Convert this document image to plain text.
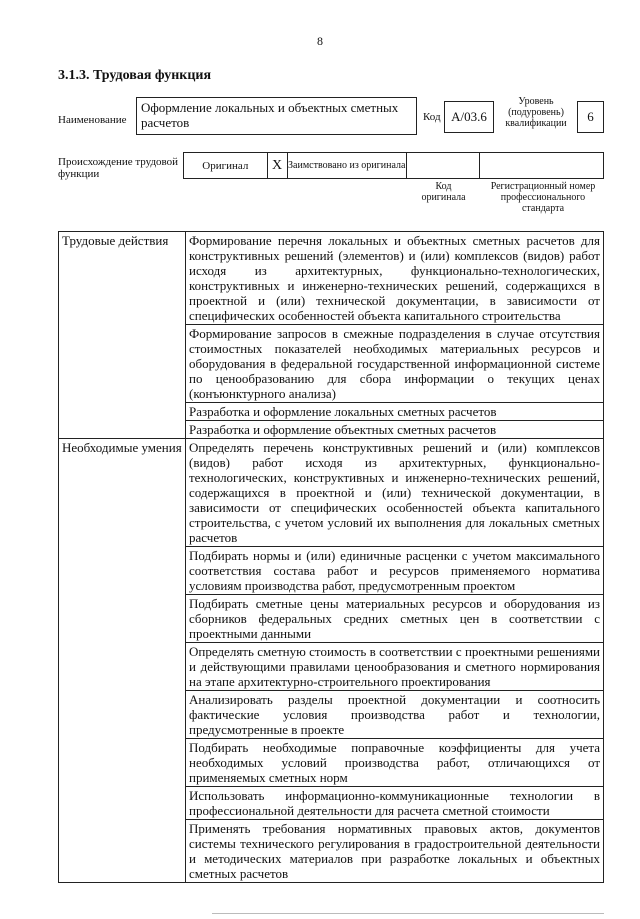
8
3.1.3. Трудовая функция
Наименование
Оформление локальных и объектных сметных расчетов	Код А/03.6
Уровень
(подуровень)
квалификации	6
Происхождение трудовой
функции
Оригинал	X Заимствовано из оригинала
Код
оригинала
Регистрационный номер
профессионального
стандарта
Трудовые действия	Формирование перечня локальных и объектных сметных расчетов для конструктивных решений (элементов) и (или) комплексов (видов) работ исходя из архитектурных, функционально-технологических, конструктивных и инженерно-технических решений, содержащихся в проектной и (или) технической документации, в зависимости от специфических особенностей объекта капитального строительства
	Формирование запросов в смежные подразделения в случае отсутствия стоимостных показателей необходимых материальных ресурсов и оборудования в федеральной государственной информационной системе по ценообразованию для сбора информации о текущих ценах (конъюнктурного анализа)
	Разработка и оформление локальных сметных расчетов
	Разработка и оформление объектных сметных расчетов
Необходимые умения	Определять перечень конструктивных решений и (или) комплексов (видов) работ исходя из архитектурных, функционально-технологических, конструктивных и инженерно-технических решений, содержащихся в проектной и (или) технической документации, в зависимости от специфических особенностей объекта капитального строительства, с учетом условий их выполнения для локальных сметных расчетов
	Подбирать нормы и (или) единичные расценки с учетом максимального соответствия состава работ и ресурсов применяемого норматива условиям производства работ, предусмотренным проектом
	Подбирать сметные цены материальных ресурсов и оборудования из сборников федеральных средних сметных цен в соответствии с проектными данными
	Определять сметную стоимость в соответствии с проектными решениями и действующими правилами ценообразования и сметного нормирования на этапе архитектурно-строительного проектирования
	Анализировать разделы проектной документации и соотносить фактические условия производства работ и технологии, предусмотренные в проекте
	Подбирать необходимые поправочные коэффициенты для учета необходимых условий производства работ, отличающихся от применяемых сметных норм
	Использовать информационно-коммуникационные технологии в профессиональной деятельности для расчета сметной стоимости
	Применять требования нормативных правовых актов, документов системы технического регулирования в градостроительной деятельности и методических материалов при разработке локальных и объектных сметных расчетов
